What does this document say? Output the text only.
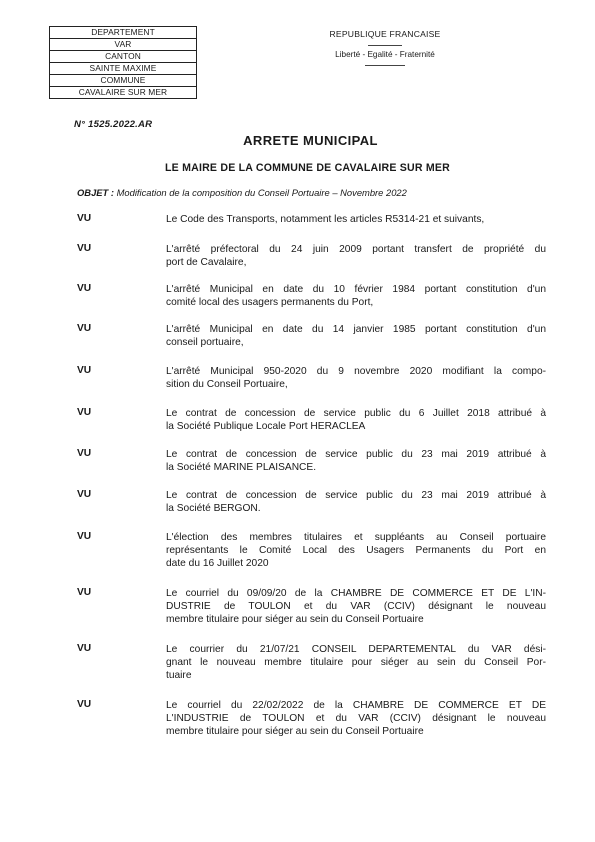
DEPARTEMENT
VAR
CANTON
SAINTE MAXIME
COMMUNE
CAVALAIRE SUR MER
REPUBLIQUE FRANCAISE
Liberté - Egalité - Fraternité
N° 1525.2022.AR
ARRETE MUNICIPAL
LE MAIRE DE LA COMMUNE DE CAVALAIRE SUR MER
OBJET : Modification de la composition du Conseil Portuaire – Novembre 2022
VU	Le Code des Transports, notamment les articles R5314-21 et suivants,
VU	L'arrêté préfectoral du 24 juin 2009 portant transfert de propriété du
port de Cavalaire,
VU	L'arrêté Municipal en date du 10 février 1984 portant constitution d'un
comité local des usagers permanents du Port,
VU	L'arrêté Municipal en date du 14 janvier 1985 portant constitution d'un
conseil portuaire,
VU	L'arrêté Municipal 950-2020 du 9 novembre 2020 modifiant la compo-
sition du Conseil Portuaire,
VU	Le contrat de concession de service public du 6 Juillet 2018 attribué à
la Société Publique Locale Port HERACLEA
VU	Le contrat de concession de service public du 23 mai 2019 attribué à
la Société MARINE PLAISANCE.
VU	Le contrat de concession de service public du 23 mai 2019 attribué à
la Société BERGON.
VU	L'élection des membres titulaires et suppléants au Conseil portuaire
représentants le Comité Local des Usagers Permanents du Port en
date du 16 Juillet 2020
VU	Le courriel du 09/09/20 de la CHAMBRE DE COMMERCE ET DE L'IN-
DUSTRIE de TOULON et du VAR (CCIV) désignant le nouveau
membre titulaire pour siéger au sein du Conseil Portuaire
VU	Le courrier du 21/07/21 CONSEIL DEPARTEMENTAL du VAR dési-
gnant le nouveau membre titulaire pour siéger au sein du Conseil Por-
tuaire
VU	Le courriel du 22/02/2022 de la CHAMBRE DE COMMERCE ET DE
L'INDUSTRIE de TOULON et du VAR (CCIV) désignant le nouveau
membre titulaire pour siéger au sein du Conseil Portuaire
